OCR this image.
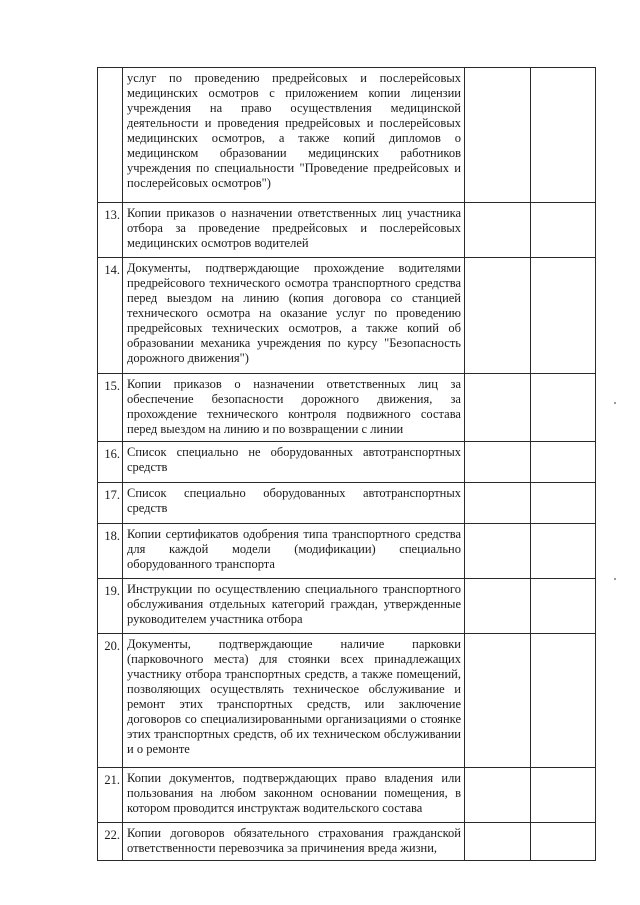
	услуг по проведению предрейсовых и послерейсовых медицинских осмотров с приложением копии лицензии учреждения на право осуществления медицинской деятельности и проведения предрейсовых и послерейсовых медицинских осмотров, а также копий дипломов о медицинском образовании медицинских работников учреждения по специальности "Проведение предрейсовых и послерейсовых осмотров")		
13.	Копии приказов о назначении ответственных лиц участника отбора за проведение предрейсовых и послерейсовых медицинских осмотров водителей		
14.	Документы, подтверждающие прохождение водителями предрейсового технического осмотра транспортного средства перед выездом на линию (копия договора со станцией технического осмотра на оказание услуг по проведению предрейсовых технических осмотров, а также копий об образовании механика учреждения по курсу "Безопасность дорожного движения")		
15.	Копии приказов о назначении ответственных лиц за обеспечение безопасности дорожного движения, за прохождение технического контроля подвижного состава перед выездом на линию и по возвращении с линии		
16.	Список специально не оборудованных автотранспортных средств		
17.	Список специально оборудованных автотранспортных средств		
18.	Копии сертификатов одобрения типа транспортного средства для каждой модели (модификации) специально оборудованного транспорта		
19.	Инструкции по осуществлению специального транспортного обслуживания отдельных категорий граждан, утвержденные руководителем участника отбора		
20.	Документы, подтверждающие наличие парковки (парковочного места) для стоянки всех принадлежащих участнику отбора транспортных средств, а также помещений, позволяющих осуществлять техническое обслуживание и ремонт этих транспортных средств, или заключение договоров со специализированными организациями о стоянке этих транспортных средств, об их техническом обслуживании и о ремонте		
21.	Копии документов, подтверждающих право владения или пользования на любом законном основании помещения, в котором проводится инструктаж водительского состава		
22.	Копии договоров обязательного страхования гражданской ответственности перевозчика за причинения вреда жизни,		
